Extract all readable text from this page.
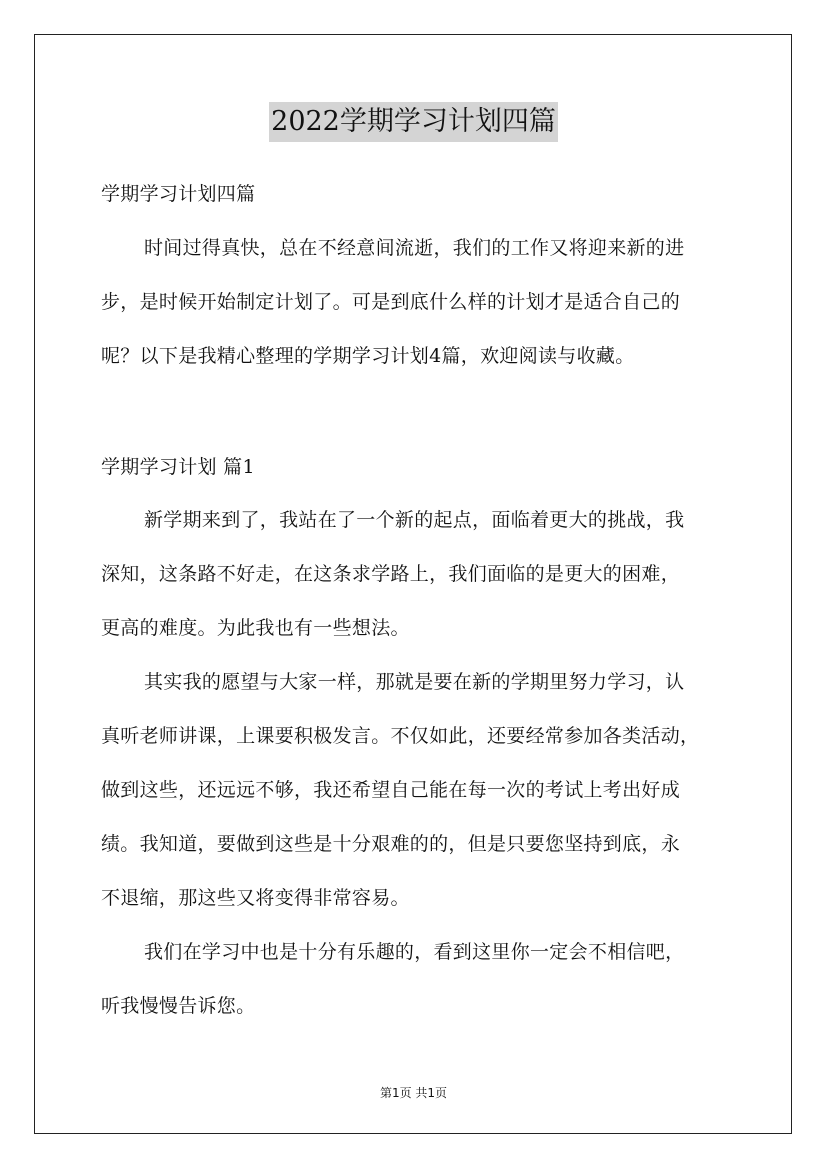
2022学期学习计划四篇
学期学习计划四篇
时间过得真快，总在不经意间流逝，我们的工作又将迎来新的进
步，是时候开始制定计划了。可是到底什么样的计划才是适合自己的
呢？以下是我精心整理的学期学习计划4篇，欢迎阅读与收藏。
学期学习计划 篇1
新学期来到了，我站在了一个新的起点，面临着更大的挑战，我
深知，这条路不好走，在这条求学路上，我们面临的是更大的困难，
更高的难度。为此我也有一些想法。
其实我的愿望与大家一样，那就是要在新的学期里努力学习，认
真听老师讲课，上课要积极发言。不仅如此，还要经常参加各类活动，
做到这些，还远远不够，我还希望自己能在每一次的考试上考出好成
绩。我知道，要做到这些是十分艰难的的，但是只要您坚持到底，永
不退缩，那这些又将变得非常容易。
我们在学习中也是十分有乐趣的，看到这里你一定会不相信吧，
听我慢慢告诉您。
第1页 共1页
